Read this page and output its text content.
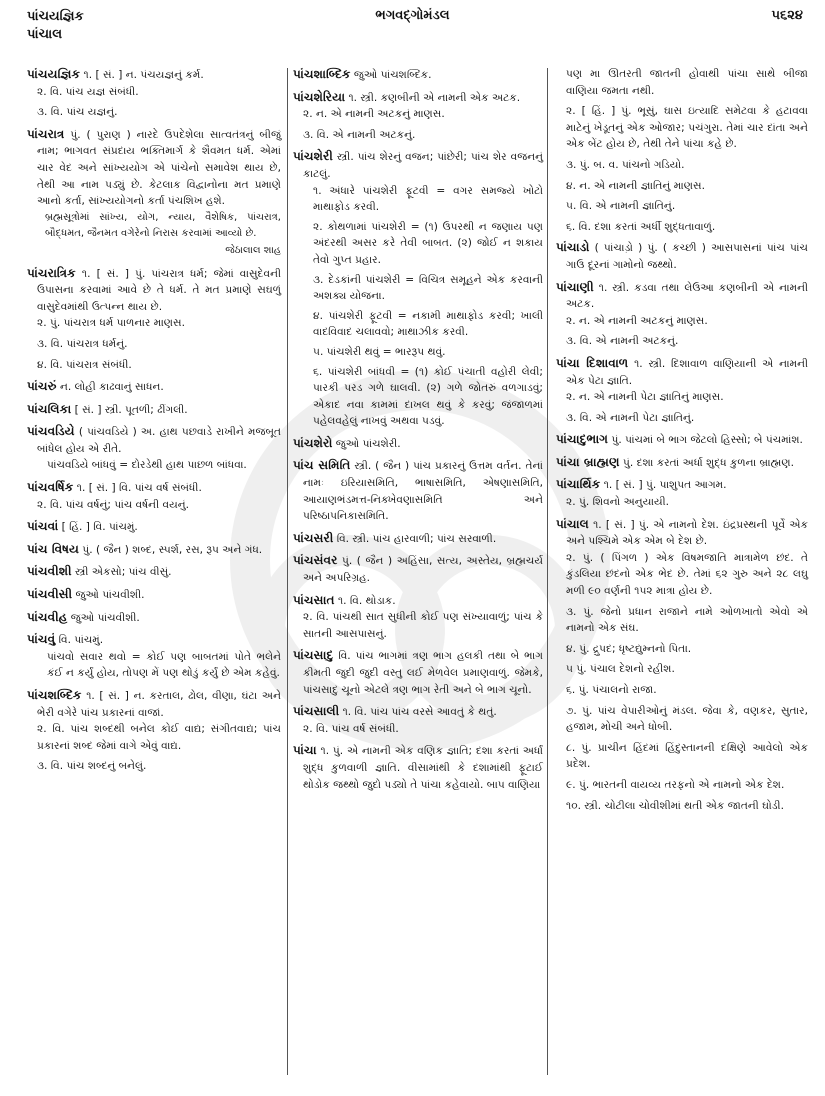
પાંચયજ્ઞિક
પાંચાલ
ભગવદ્ગોમંડલ	૫૬૨૪
પાંચયજ્ઞિક ૧. [ સં. ] ન. પંચયજ્ઞનું કર્મ.
૨. વિ. પાંચ યજ્ઞ સંબંધી.
૩. વિ. પાંચ યજ્ઞનું.
પાંચરાત્ર પું. ( પુરાણ ) નારદે ઉપદેશેલા સાત્વતંત્રનું બીજું નામ; ભાગવત સંપ્રદાય ભક્તિમાર્ગ કે શૈવમત ધર્મ. એમાં ચાર વેદ અને સાંખ્યયોગ એ પાંચેનો સમાવેશ થાય છે, તેથી આ નામ પડ્યું છે. કેટલાક વિદ્વાનોના મત પ્રમાણે આનો કર્તા, સાંખ્યયોગનો કર્તા પંચશિખ હશે.
બ્રહ્મસૂત્રોમાં સાંખ્ય, યોગ, ન્યાય, વૈશેષિક, પાંચરાત્ર, બૌદ્ધમત, જૈનમત વગેરેનો નિરાસ કરવામાં આવ્યો છે.
જેઠાલાલ શાહ
પાંચરાત્રિક ૧. [ સં. ] પું. પાંચરાત્ર ધર્મ; જેમાં વાસુદેવની ઉપાસના કરવામાં આવે છે તે ધર્મ. તે મત પ્રમાણે સઘળું વાસુદેવમાંથી ઉત્પન્ન થાય છે.
૨. પું. પાંચરાત્ર ધર્મ પાળનાર માણસ.
૩. વિ. પાંચરાત્ર ધર્મનું.
૪. વિ. પાંચરાત્ર સંબંધી.
પાંચરું ન. લોહી કાઢવાનું સાધન.
પાંચલિકા [ સં. ] સ્ત્રી. પૂતળી; ઢીંગલી.
પાંચવડિયે ( પાંચવડિયે ) અ. હાથ પછવાડે રાખીને મજબૂત બાંધેલ હોય એ રીતે.
પાંચવડિયે બાંધવું = દોરડેથી હાથ પાછળ બાંધવા.
પાંચવર્ષિક ૧. [ સં. ] વિ. પાંચ વર્ષ સંબંધી.
૨. વિ. પાંચ વર્ષનું; પાંચ વર્ષની વયનું.
પાંચવાં [ હિં. ] વિ. પાંચમું.
પાંચ વિષય પું. ( જૈન ) શબ્દ, સ્પર્શ, રસ, રૂપ અને ગંધ.
પાંચવીશી સ્ત્રી એકસો; પાંચ વીસું.
પાંચવીસી જુઓ પાંચવીશી.
પાંચવીહ જુઓ પાંચવીશી.
પાંચવું વિ. પાંચમું.
પાંચવો સવાર થવો = કોઈ પણ બાબતમાં પોતે ભલેને કંઈ ન કર્યું હોય, તોપણ મેં પણ થોડું કર્યું છે એમ કહેવું.
પાંચશબ્દિક ૧. [ સં. ] ન. કરતાલ, ઢોલ, વીણા, ઘંટા અને ભેરી વગેરે પાંચ પ્રકારનાં વાજાં.
૨. વિ. પાંચ શબ્દથી બનેલ કોઈ વાદ્ય; સંગીતવાદ્ય; પાંચ પ્રકારનાં શબ્દ જેમાં વાગે એવું વાદ્ય.
૩. વિ. પાંચ શબ્દનું બનેલું.
પાંચશાબ્દિક જુઓ પાંચશબ્દિક.
પાંચશેરિયા ૧. સ્ત્રી. કણબીની એ નામની એક અટક.
૨. ન. એ નામની અટકનું માણસ.
૩. વિ. એ નામની અટકનું.
પાંચશેરી સ્ત્રી. પાંચ શેરનું વજન; પાંછેરી; પાંચ શેર વજનનું કાટલું.
૧. અંધારે પાંચશેરી ફૂટવી = વગર સમજ્યે ખોટો માથાફોડ કરવી.
૨. કોથળામાં પાંચશેરી = (૧) ઉપરથી ન જણાય પણ અંદરથી અસર કરે તેવી બાબત. (૨) જોઈ ન શકાય તેવો ગુપ્ત પ્રહાર.
૩. દેડકાંની પાંચશેરી = વિચિત્ર સમૂહને એક કરવાની અશક્ય યોજના.
૪. પાંચશેરી ફૂટવી = નકામી માથાફોડ કરવી; ખાલી વાદવિવાદ ચલાવવો; માથાઝીક કરવી.
૫. પાંચશેરી થવું = ભારરૂપ થવું.
૬. પાંચશેરી બાંધવી = (૧) કોઈ પંચાતી વહોરી લેવી; પારકી પરડ ગળે ઘાલવી. (૨) ગળે જોતરું વળગાડવું; એકાદ નવા કામમાં દાખલ થવું કે કરવું; જંજાળમાં પહેલવહેલું નાખવું અથવા પડવું.
પાંચશેરો જુઓ પાંચશેરી.
પાંચ સમિતિ સ્ત્રી. ( જૈન ) પાંચ પ્રકારનું ઉત્તમ વર્તન. તેનાં નામઃ ઇરિયાસમિતિ, ભાષાસમિતિ, એષણાસમિતિ, આયાણભંડમત્ત-નિક્ખેવણાસમિતિ અને પરિષ્ઠાપનિકાસમિતિ.
પાંચસરી વિ. સ્ત્રી. પાંચ હારવાળી; પાંચ સરવાળી.
પાંચસંવર પું. ( જૈન ) અહિંસા, સત્ય, અસ્તેય, બ્રહ્મચર્ય અને અપરિગ્રહ.
પાંચસાત ૧. વિ. થોડાક.
૨. વિ. પાંચથી સાત સુધીની કોઈ પણ સંખ્યાવાળું; પાંચ કે સાતની આસપાસનું.
પાંચસાદુ વિ. પાંચ ભાગમાં ત્રણ ભાગ હલકી તથા બે ભાગ કીમતી જુદી જુદી વસ્તુ લઈ મેળવેલ પ્રમાણવાળું. જેમકે, પાંચસાદુ ચૂનો એટલે ત્રણ ભાગ રેતી અને બે ભાગ ચૂનો.
પાંચસાલી ૧. વિ. પાંચ પાંચ વરસે આવતું કે થતું.
૨. વિ. પાંચ વર્ષ સંબંધી.
પાંચા ૧. પું. એ નામની એક વણિક જ્ઞાતિ; દશા કરતાં અર્ધાં શુદ્ધ કુળવાળી જ્ઞાતિ. વીસામાંથી કે દશામાંથી ફૂટાઈ થોડોક જથ્થો જુદો પડ્યો તે પાંચા કહેવાયો. બાપ વાણિયા
પણ મા ઊતરતી જાતની હોવાથી પાંચા સાથે બીજા વાણિયા જમતા નથી.
૨. [ હિં. ] પું. ભૂસું, ઘાસ ઇત્યાદિ સમેટવા કે હટાવવા માટેનું ખેડૂતનું એક ઓજાર; પચંગુરા. તેમાં ચાર દાંતા અને એક બેંટ હોય છે, તેથી તેને પાંચા કહે છે.
૩. પું. બ. વ. પાંચનો ગડિયો.
૪. ન. એ નામની જ્ઞાતિનું માણસ.
૫. વિ. એ નામની જ્ઞાતિનું.
૬. વિ. દશા કરતાં અર્ધી શુદ્ધતાવાળું.
પાંચાડો ( પાંચાડ઼ો ) પું. ( કચ્છી ) આસપાસનાં પાંચ પાંચ ગાઉ દૂરનાં ગામોનો જથ્થો.
પાંચાણી ૧. સ્ત્રી. કડવા તથા લેઉઆ કણબીની એ નામની અટક.
૨. ન. એ નામની અટકનું માણસ.
૩. વિ. એ નામની અટકનું.
પાંચા દિશાવાળ ૧. સ્ત્રી. દિશાવાળ વાણિયાની એ નામની એક પેટા જ્ઞાતિ.
૨. ન. એ નામની પેટા જ્ઞાતિનું માણસ.
૩. વિ. એ નામની પેટા જ્ઞાતિનું.
પાંચાદુભાગ પું. પાંચમાં બે ભાગ જેટલો હિસ્સો; બે પંચમાંશ.
પાંચા બ્રાહ્મણ પું. દશા કરતાં અર્ધા શુદ્ધ કુળના બ્રાહ્મણ.
પાંચાર્થિક ૧. [ સં. ] પું. પાશુપત આગમ.
૨. પું. શિવનો અનુયાયી.
પાંચાલ ૧. [ સં. ] પું. એ નામનો દેશ. ઇંદ્રપ્રસ્થની પૂર્વે એક અને પશ્ચિમે એક એમ બે દેશ છે.
૨. પું. ( પિંગળ ) એક વિષમજાતિ માત્રામેળ છંદ. તે કુંડલિયા છંદનો એક ભેદ છે. તેમાં ૬૨ ગુરુ અને ૨૮ લઘુ મળી ૯૦ વર્ણની ૧૫૨ માત્રા હોય છે.
૩. પું. જેનો પ્રધાન રાજાને નામે ઓળખાતો એવો એ નામનો એક સંઘ.
૪. પું. દ્રુપદ; ધૃષ્ટદ્યુમ્નનો પિતા.
૫ પું. પંચાલ દેશનો રહીશ.
૬. પું. પંચાલનો રાજા.
૭. પું. પાંચ વેપારીઓનું મંડલ. જેવા કે, વણકર, સુતાર, હજામ, મોચી અને ધોબી.
૮. પું. પ્રાચીન હિંદમાં હિંદુસ્તાનની દક્ષિણે આવેલો એક પ્રદેશ.
૯. પું. ભારતની વાયવ્ય તરફનો એ નામનો એક દેશ.
૧૦. સ્ત્રી. ચોટીલા ચોવીશીમાં થતી એક જાતની ઘોડી.
